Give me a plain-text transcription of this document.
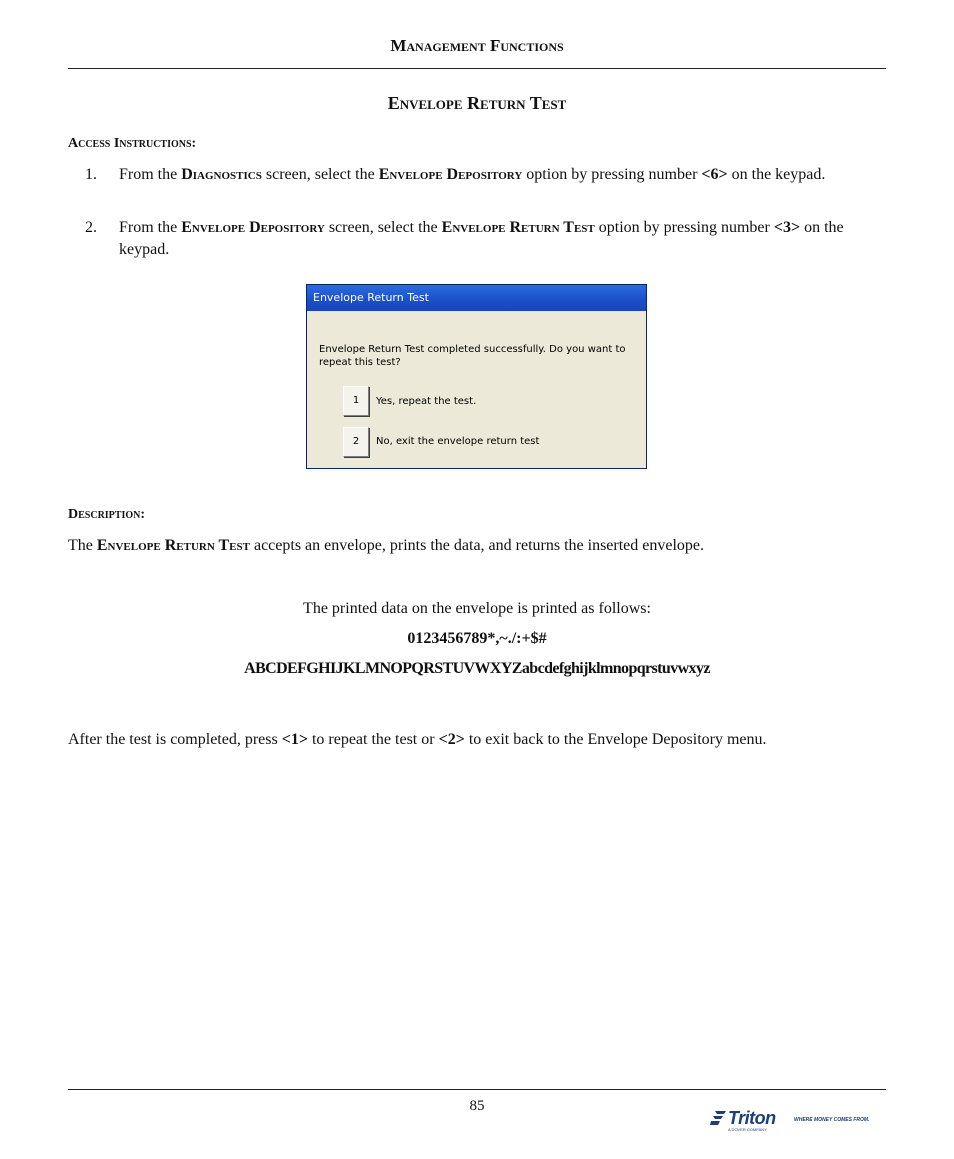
Management Functions
Envelope Return Test
Access Instructions:
1. From the Diagnostics screen, select the Envelope Depository option by pressing number <6> on the keypad.
2. From the Envelope Depository screen, select the Envelope Return Test option by pressing number <3> on the keypad.
Envelope Return Test
Envelope Return Test completed successfully. Do you want to repeat this test?
1	Yes, repeat the test.
2	No, exit the envelope return test
Description:
The Envelope Return Test accepts an envelope, prints the data, and returns the inserted envelope.
The printed data on the envelope is printed as follows:
0123456789*,~./:+$#
ABCDEFGHIJKLMNOPQRSTUVWXYZabcdefghijklmnopqrstuvwxyz
After the test is completed, press <1> to repeat the test or <2> to exit back to the Envelope Depository menu.
85
Triton	WHERE MONEY COMES FROM.
A DOVER COMPANY
